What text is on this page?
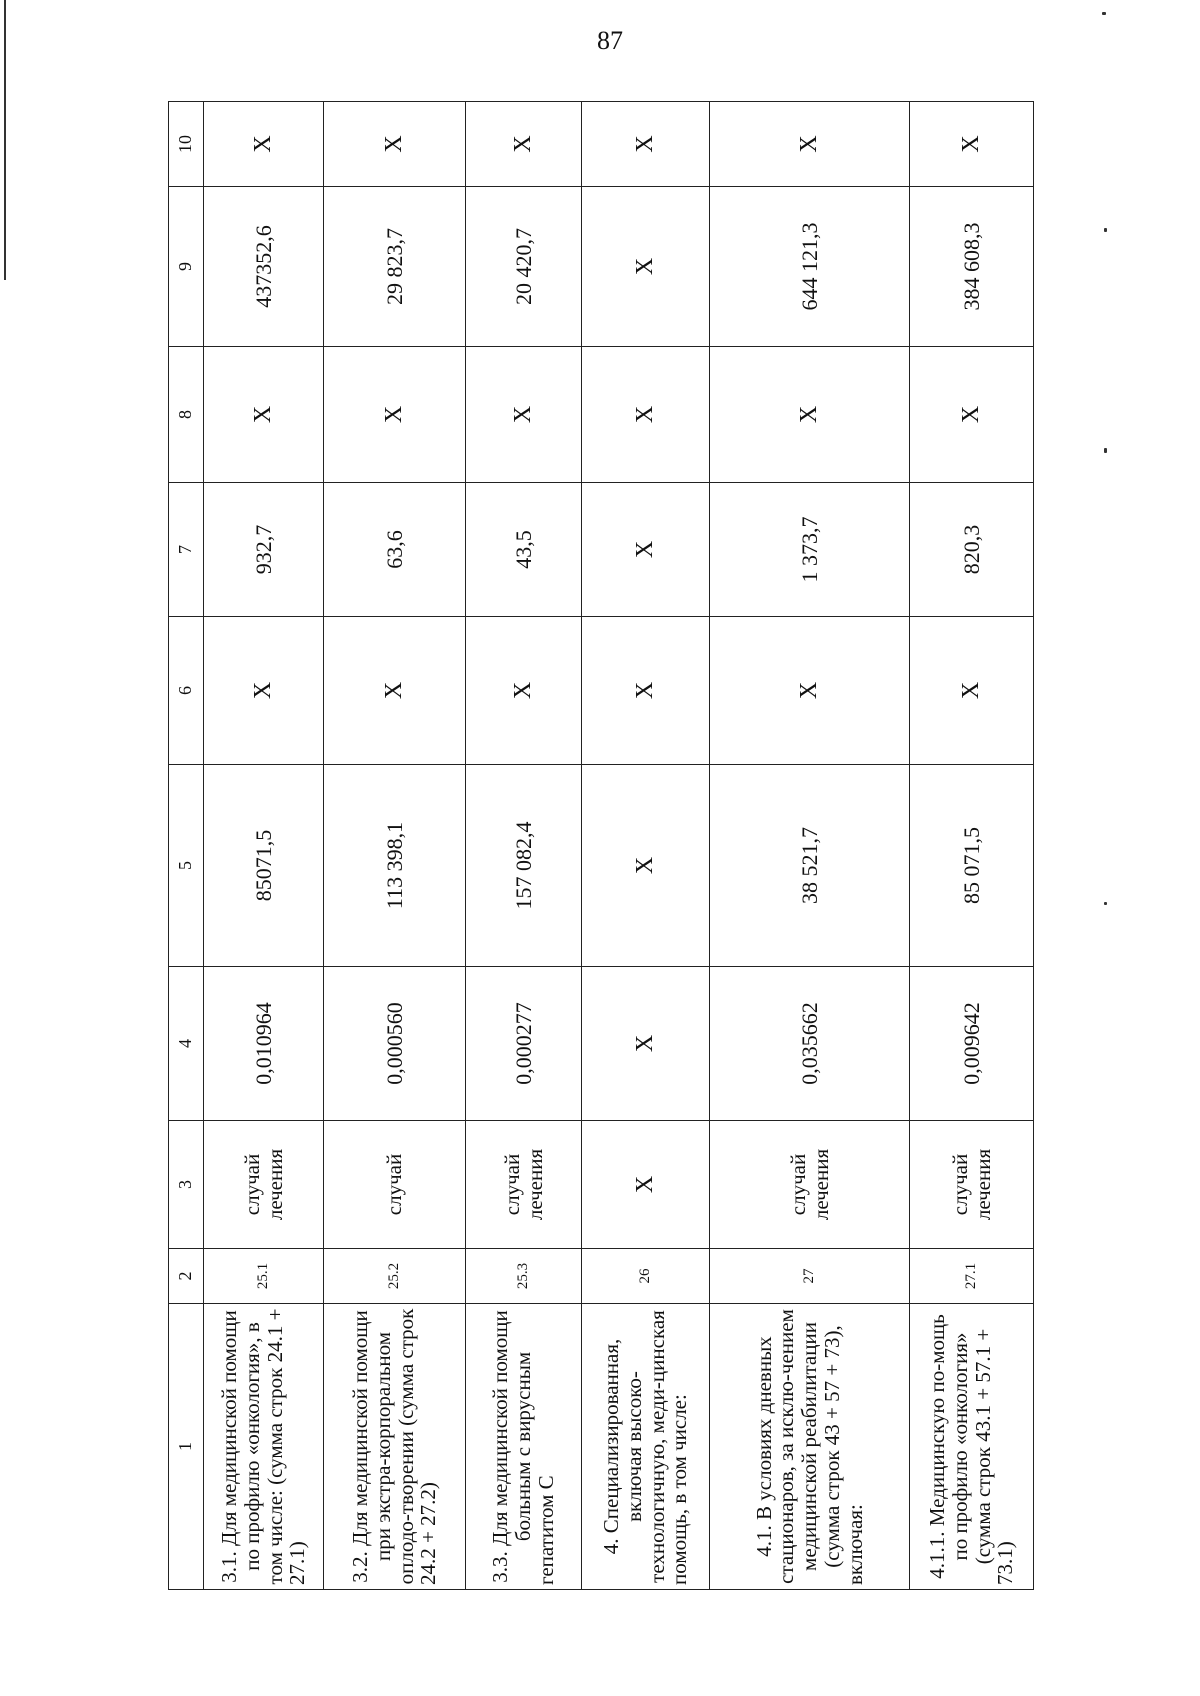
87
1	2	3	4	5	6	7	8	9	10
3.1. Для медицинской помощи по профилю «онкология», в том числе: (сумма строк 24.1 + 27.1)	25.1	случай лечения	0,010964	85071,5	Х	932,7	Х	437352,6	Х
3.2. Для медицинской помощи при экстра-корпоральном оплодо-творении (сумма строк 24.2 + 27.2)	25.2	случай	0,000560	113 398,1	Х	63,6	Х	29 823,7	Х
3.3. Для медицинской помощи больным с вирусным гепатитом С	25.3	случай лечения	0,000277	157 082,4	Х	43,5	Х	20 420,7	Х
4. Специализированная, включая высоко-технологичную, меди-цинская помощь, в том числе:	26	Х	Х	Х	Х	Х	Х	Х	Х
4.1. В условиях дневных стационаров, за исклю-чением медицинской реабилитации (сумма строк 43 + 57 + 73), включая:	27	случай лечения	0,035662	38 521,7	Х	1 373,7	Х	644 121,3	Х
4.1.1. Медицинскую по-мощь по профилю «онкология» (сумма строк 43.1 + 57.1 + 73.1)	27.1	случай лечения	0,009642	85 071,5	Х	820,3	Х	384 608,3	Х
